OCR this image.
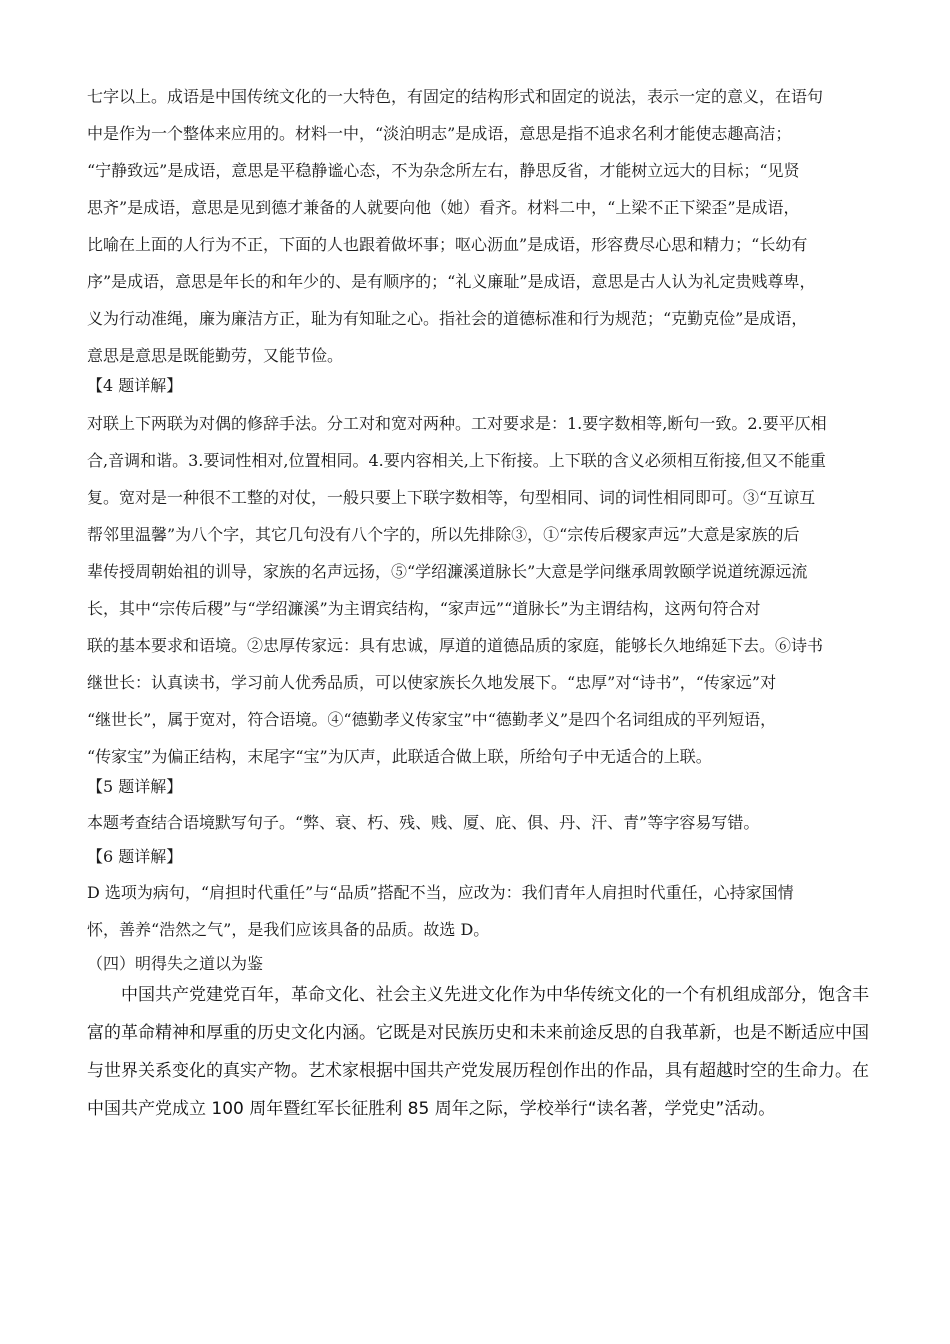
七字以上。成语是中国传统文化的一大特色，有固定的结构形式和固定的说法，表示一定的意义，在语句
中是作为一个整体来应用的。材料一中，“淡泊明志”是成语，意思是指不追求名利才能使志趣高洁；
“宁静致远”是成语，意思是平稳静谧心态，不为杂念所左右，静思反省，才能树立远大的目标；“见贤
思齐”是成语，意思是见到德才兼备的人就要向他（她）看齐。材料二中，“上梁不正下梁歪”是成语，
比喻在上面的人行为不正，下面的人也跟着做坏事；呕心沥血”是成语，形容费尽心思和精力；“长幼有
序”是成语，意思是年长的和年少的、是有顺序的；“礼义廉耻”是成语，意思是古人认为礼定贵贱尊卑，
义为行动准绳，廉为廉洁方正，耻为有知耻之心。指社会的道德标准和行为规范；“克勤克俭”是成语，
意思是意思是既能勤劳，又能节俭。
【4 题详解】
对联上下两联为对偶的修辞手法。分工对和宽对两种。工对要求是：1.要字数相等,断句一致。2.要平仄相
合,音调和谐。3.要词性相对,位置相同。4.要内容相关,上下衔接。上下联的含义必须相互衔接,但又不能重
复。宽对是一种很不工整的对仗，一般只要上下联字数相等，句型相同、词的词性相同即可。③“互谅互
帮邻里温馨”为八个字，其它几句没有八个字的，所以先排除③，①“宗传后稷家声远”大意是家族的后
辈传授周朝始祖的训导，家族的名声远扬，⑤“学绍濂溪道脉长”大意是学问继承周敦颐学说道统源远流
长，其中“宗传后稷”与“学绍濂溪”为主谓宾结构，“家声远”“道脉长”为主谓结构，这两句符合对
联的基本要求和语境。②忠厚传家远：具有忠诚，厚道的道德品质的家庭，能够长久地绵延下去。⑥诗书
继世长：认真读书，学习前人优秀品质，可以使家族长久地发展下。“忠厚”对“诗书”，“传家远”对
“继世长”，属于宽对，符合语境。④“德勤孝义传家宝”中“德勤孝义”是四个名词组成的平列短语，
“传家宝”为偏正结构，末尾字“宝”为仄声，此联适合做上联，所给句子中无适合的上联。
【5 题详解】
本题考查结合语境默写句子。“弊、衰、朽、残、贱、厦、庇、俱、丹、汗、青”等字容易写错。
【6 题详解】
D 选项为病句，“肩担时代重任”与“品质”搭配不当，应改为：我们青年人肩担时代重任，心持家国情
怀，善养“浩然之气”，是我们应该具备的品质。故选 D。
（四）明得失之道以为鉴
中国共产党建党百年，革命文化、社会主义先进文化作为中华传统文化的一个有机组成部分，饱含丰
富的革命精神和厚重的历史文化内涵。它既是对民族历史和未来前途反思的自我革新，也是不断适应中国
与世界关系变化的真实产物。艺术家根据中国共产党发展历程创作出的作品，具有超越时空的生命力。在
中国共产党成立 100 周年暨红军长征胜利 85 周年之际，学校举行“读名著，学党史”活动。
